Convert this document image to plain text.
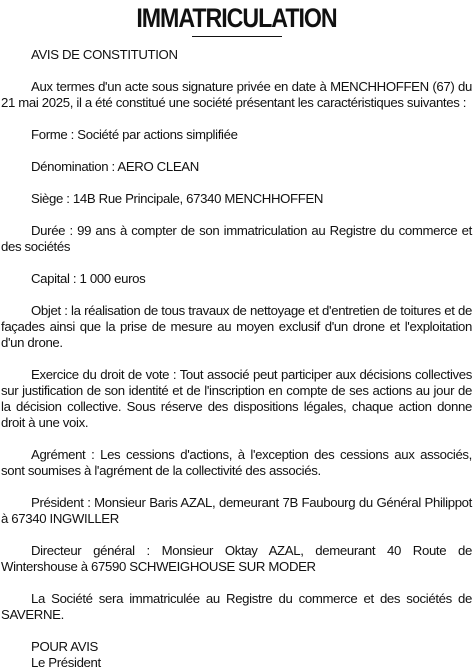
IMMATRICULATION

AVIS DE CONSTITUTION

Aux termes d'un acte sous signature privée en date à MENCHHOFFEN (67) du 21 mai 2025, il a été constitué une société présentant les caractéristiques suivantes :

Forme : Société par actions simplifiée

Dénomination : AERO CLEAN

Siège : 14B Rue Principale, 67340 MENCHHOFFEN

Durée : 99 ans à compter de son immatriculation au Registre du commerce et des sociétés

Capital : 1 000 euros

Objet : la réalisation de tous travaux de nettoyage et d'entretien de toitures et de façades ainsi que la prise de mesure au moyen exclusif d'un drone et l'exploitation d'un drone.

Exercice du droit de vote : Tout associé peut participer aux décisions collectives sur justification de son identité et de l'inscription en compte de ses actions au jour de la décision collective. Sous réserve des dispositions légales, chaque action donne droit à une voix.

Agrément : Les cessions d'actions, à l'exception des cessions aux associés, sont soumises à l'agrément de la collectivité des associés.

Président : Monsieur Baris AZAL, demeurant 7B Faubourg du Général Philippot à 67340 INGWILLER

Directeur général : Monsieur Oktay AZAL, demeurant 40 Route de Wintershouse à 67590 SCHWEIGHOUSE SUR MODER

La Société sera immatriculée au Registre du commerce et des sociétés de SAVERNE.

POUR AVIS

Le Président
